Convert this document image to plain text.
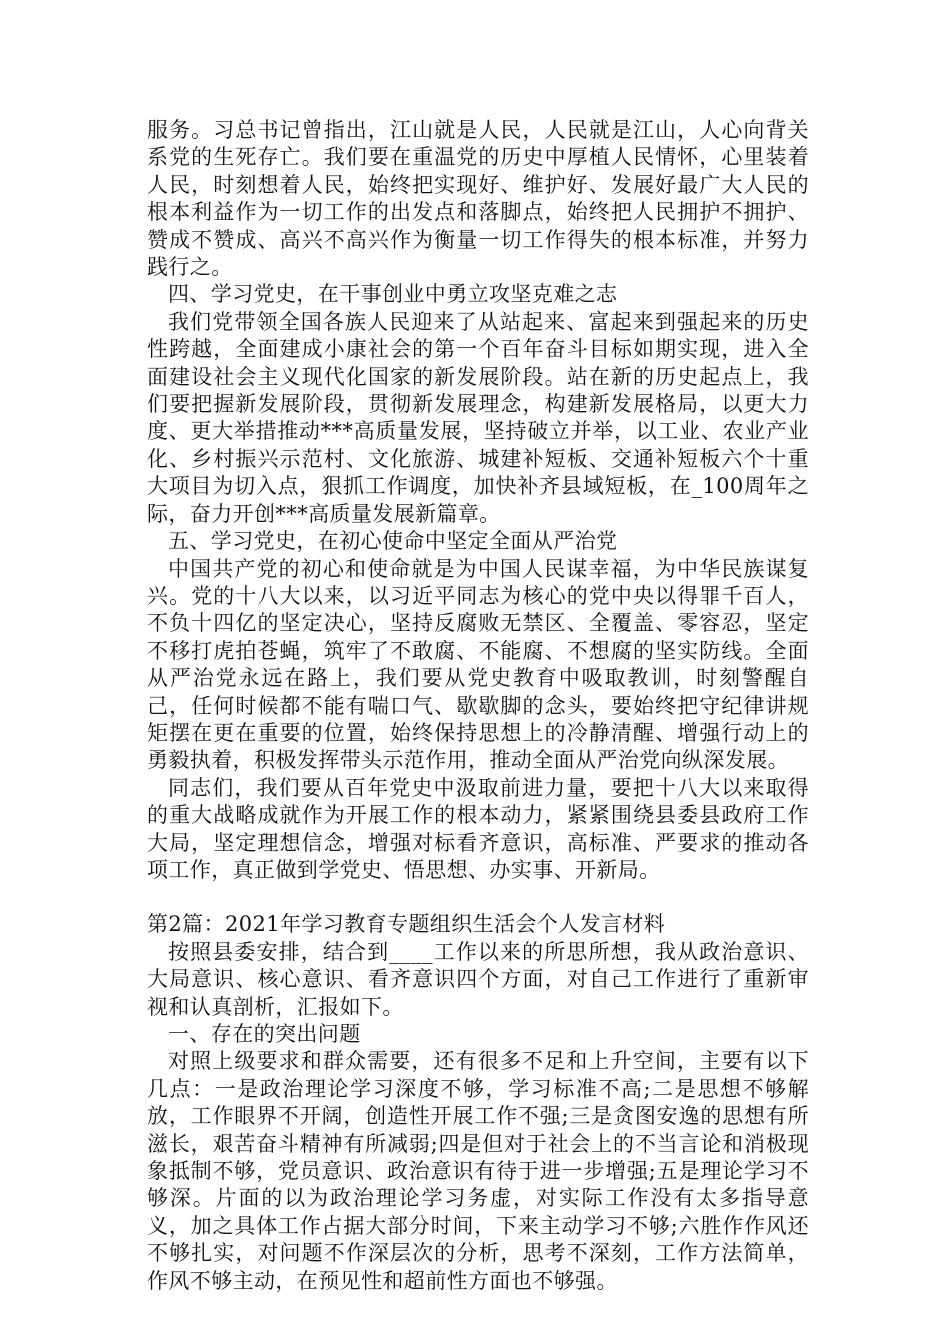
服务。习总书记曾指出，江山就是人民，人民就是江山，人心向背关系党的生死存亡。我们要在重温党的历史中厚植人民情怀，心里装着人民，时刻想着人民，始终把实现好、维护好、发展好最广大人民的根本利益作为一切工作的出发点和落脚点，始终把人民拥护不拥护、赞成不赞成、高兴不高兴作为衡量一切工作得失的根本标准，并努力践行之。

四、学习党史，在干事创业中勇立攻坚克难之志

我们党带领全国各族人民迎来了从站起来、富起来到强起来的历史性跨越，全面建成小康社会的第一个百年奋斗目标如期实现，进入全面建设社会主义现代化国家的新发展阶段。站在新的历史起点上，我们要把握新发展阶段，贯彻新发展理念，构建新发展格局，以更大力度、更大举措推动***高质量发展，坚持破立并举，以工业、农业产业化、乡村振兴示范村、文化旅游、城建补短板、交通补短板六个十重大项目为切入点，狠抓工作调度，加快补齐县域短板，在_100周年之际，奋力开创***高质量发展新篇章。

五、学习党史，在初心使命中坚定全面从严治党

中国共产党的初心和使命就是为中国人民谋幸福，为中华民族谋复兴。党的十八大以来，以习近平同志为核心的党中央以得罪千百人，不负十四亿的坚定决心，坚持反腐败无禁区、全覆盖、零容忍，坚定不移打虎拍苍蝇，筑牢了不敢腐、不能腐、不想腐的坚实防线。全面从严治党永远在路上，我们要从党史教育中吸取教训，时刻警醒自己，任何时候都不能有喘口气、歇歇脚的念头，要始终把守纪律讲规矩摆在更在重要的位置，始终保持思想上的冷静清醒、增强行动上的勇毅执着，积极发挥带头示范作用，推动全面从严治党向纵深发展。

同志们，我们要从百年党史中汲取前进力量，要把十八大以来取得的重大战略成就作为开展工作的根本动力，紧紧围绕县委县政府工作大局，坚定理想信念，增强对标看齐意识，高标准、严要求的推动各项工作，真正做到学党史、悟思想、办实事、开新局。

第2篇：2021年学习教育专题组织生活会个人发言材料

按照县委安排，结合到____工作以来的所思所想，我从政治意识、大局意识、核心意识、看齐意识四个方面，对自己工作进行了重新审视和认真剖析，汇报如下。

一、存在的突出问题

对照上级要求和群众需要，还有很多不足和上升空间，主要有以下几点：一是政治理论学习深度不够，学习标准不高;二是思想不够解放，工作眼界不开阔，创造性开展工作不强;三是贪图安逸的思想有所滋长，艰苦奋斗精神有所减弱;四是但对于社会上的不当言论和消极现象抵制不够，党员意识、政治意识有待于进一步增强;五是理论学习不够深。片面的以为政治理论学习务虚，对实际工作没有太多指导意义，加之具体工作占据大部分时间，下来主动学习不够;六胜作作风还不够扎实，对问题不作深层次的分析，思考不深刻，工作方法简单，作风不够主动，在预见性和超前性方面也不够强。
